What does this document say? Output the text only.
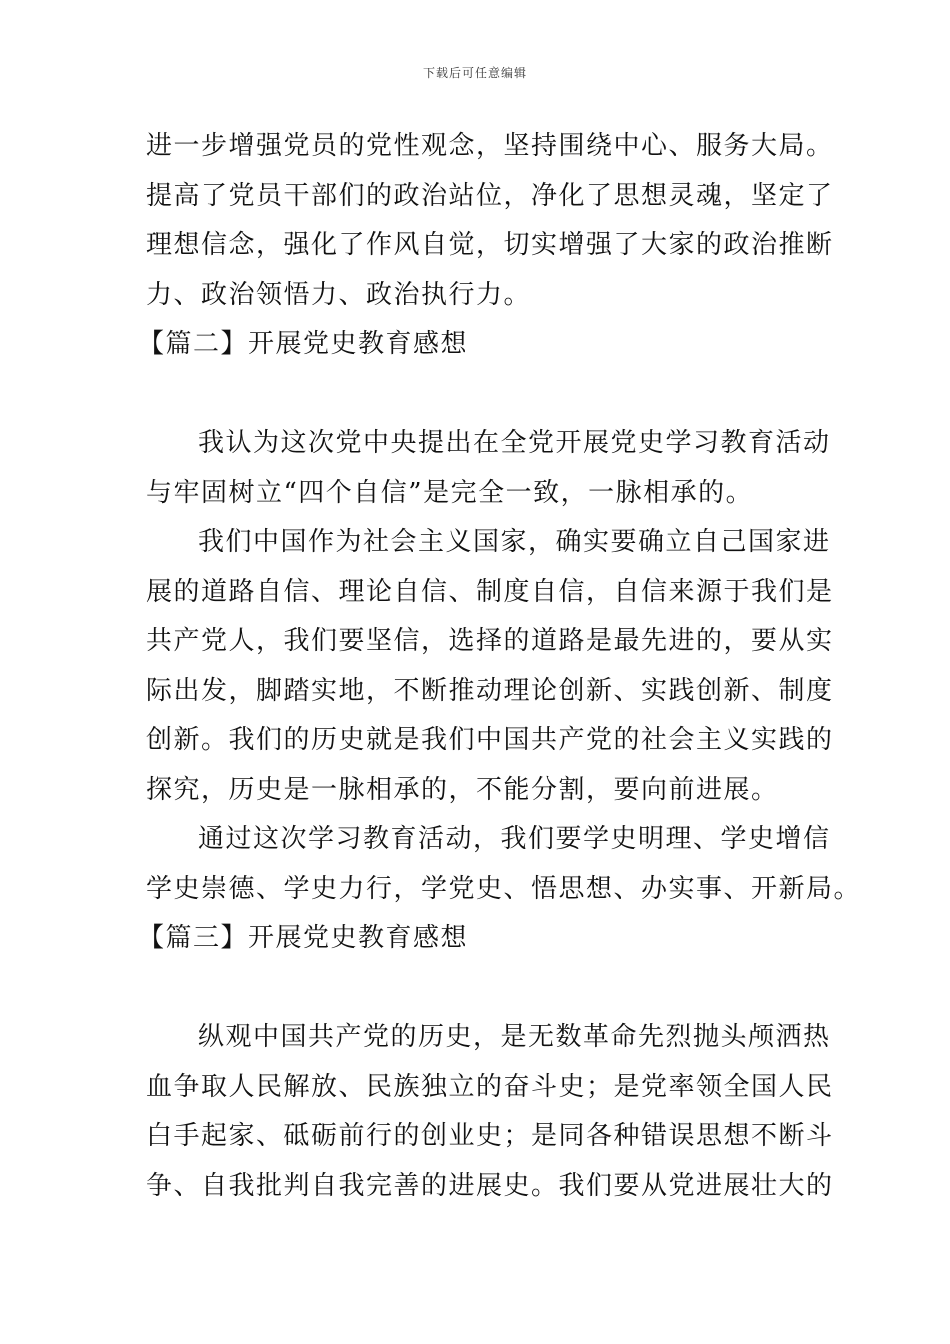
下载后可任意编辑
进一步增强党员的党性观念，坚持围绕中心、服务大局。
提高了党员干部们的政治站位，净化了思想灵魂，坚定了
理想信念，强化了作风自觉，切实增强了大家的政治推断
力、政治领悟力、政治执行力。
【篇二】开展党史教育感想
我认为这次党中央提出在全党开展党史学习教育活动
与牢固树立“四个自信”是完全一致，一脉相承的。
我们中国作为社会主义国家，确实要确立自己国家进
展的道路自信、理论自信、制度自信，自信来源于我们是
共产党人，我们要坚信，选择的道路是最先进的，要从实
际出发，脚踏实地，不断推动理论创新、实践创新、制度
创新。我们的历史就是我们中国共产党的社会主义实践的
探究，历史是一脉相承的，不能分割，要向前进展。
通过这次学习教育活动，我们要学史明理、学史增信
学史崇德、学史力行，学党史、悟思想、办实事、开新局。
【篇三】开展党史教育感想
纵观中国共产党的历史，是无数革命先烈抛头颅洒热
血争取人民解放、民族独立的奋斗史；是党率领全国人民
白手起家、砥砺前行的创业史；是同各种错误思想不断斗
争、自我批判自我完善的进展史。我们要从党进展壮大的
